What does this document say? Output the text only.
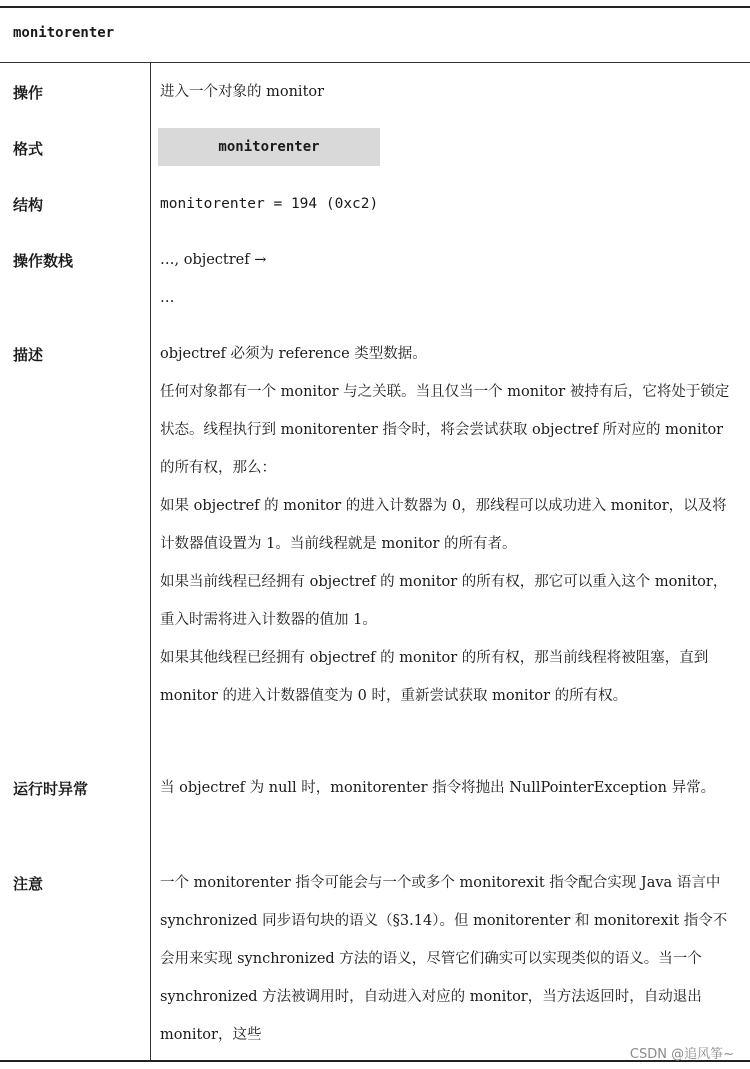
monitorenter
操作	进入一个对象的 monitor
格式	monitorenter
结构	monitorenter = 194 (0xc2)
操作数栈	…, objectref →

…

描述	objectref 必须为 reference 类型数据。

任何对象都有一个 monitor 与之关联。当且仅当一个 monitor 被持有后，它将处于锁定状态。线程执行到 monitorenter 指令时，将会尝试获取 objectref 所对应的 monitor 的所有权，那么：

如果 objectref 的 monitor 的进入计数器为 0，那线程可以成功进入 monitor，以及将计数器值设置为 1。当前线程就是 monitor 的所有者。

如果当前线程已经拥有 objectref 的 monitor 的所有权，那它可以重入这个 monitor，重入时需将进入计数器的值加 1。

如果其他线程已经拥有 objectref 的 monitor 的所有权，那当前线程将被阻塞，直到 monitor 的进入计数器值变为 0 时，重新尝试获取 monitor 的所有权。

运行时异常	当 objectref 为 null 时，monitorenter 指令将抛出 NullPointerException 异常。
注意	一个 monitorenter 指令可能会与一个或多个 monitorexit 指令配合实现 Java 语言中 synchronized 同步语句块的语义（§3.14）。但 monitorenter 和 monitorexit 指令不会用来实现 synchronized 方法的语义，尽管它们确实可以实现类似的语义。当一个 synchronized 方法被调用时，自动进入对应的 monitor，当方法返回时，自动退出 monitor，这些
CSDN @追风筝~
